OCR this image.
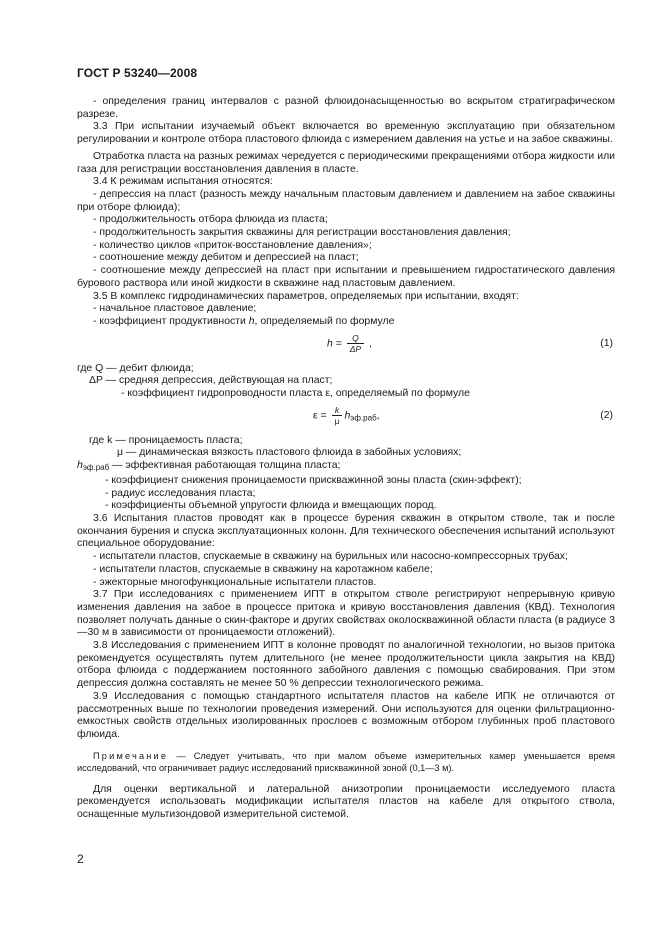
ГОСТ Р 53240—2008

- определения границ интервалов с разной флюидонасыщенностью во вскрытом стратиграфическом разрезе.

3.3 При испытании изучаемый объект включается во временную эксплуатацию при обязательном регулировании и контроле отбора пластового флюида с измерением давления на устье и на забое скважины.

Отработка пласта на разных режимах чередуется с периодическими прекращениями отбора жидкости или газа для регистрации восстановления давления в пласте.

3.4 К режимам испытания относятся:

- депрессия на пласт (разность между начальным пластовым давлением и давлением на забое скважины при отборе флюида);

- продолжительность отбора флюида из пласта;

- продолжительность закрытия скважины для регистрации восстановления давления;

- количество циклов «приток-восстановление давления»;

- соотношение между дебитом и депрессией на пласт;

- соотношение между депрессией на пласт при испытании и превышением гидростатического давления бурового раствора или иной жидкости в скважине над пластовым давлением.

3.5 В комплекс гидродинамических параметров, определяемых при испытании, входят:

- начальное пластовое давление;

- коэффициент продуктивности h, определяемый по формуле

$h = \frac{Q}{\Delta P}$ ,	(1)

где Q — дебит флюида;

ΔP — средняя депрессия, действующая на пласт;

- коэффициент гидропроводности пласта ε, определяемый по формуле

$\varepsilon = \frac{k}{\mu} h_{эф.раб}$,	(2)

где k — проницаемость пласта;

μ — динамическая вязкость пластового флюида в забойных условиях;

$h_{эф.раб}$ — эффективная работающая толщина пласта;

- коэффициент снижения проницаемости прискважинной зоны пласта (скин-эффект);

- радиус исследования пласта;

- коэффициенты объемной упругости флюида и вмещающих пород.

3.6 Испытания пластов проводят как в процессе бурения скважин в открытом стволе, так и после окончания бурения и спуска эксплуатационных колонн. Для технического обеспечения испытаний используют специальное оборудование:

- испытатели пластов, спускаемые в скважину на бурильных или насосно-компрессорных трубах;

- испытатели пластов, спускаемые в скважину на каротажном кабеле;

- эжекторные многофункциональные испытатели пластов.

3.7 При исследованиях с применением ИПТ в открытом стволе регистрируют непрерывную кривую изменения давления на забое в процессе притока и кривую восстановления давления (КВД). Технология позволяет получать данные о скин-факторе и других свойствах околоскважинной области пласта (в радиусе 3—30 м в зависимости от проницаемости отложений).

3.8 Исследования с применением ИПТ в колонне проводят по аналогичной технологии, но вызов притока рекомендуется осуществлять путем длительного (не менее продолжительности цикла закрытия на КВД) отбора флюида с поддержанием постоянного забойного давления с помощью свабирования. При этом депрессия должна составлять не менее 50 % депрессии технологического режима.

3.9 Исследования с помощью стандартного испытателя пластов на кабеле ИПК не отличаются от рассмотренных выше по технологии проведения измерений. Они используются для оценки фильтрационно-емкостных свойств отдельных изолированных прослоев с возможным отбором глубинных проб пластового флюида.

Примечание — Следует учитывать, что при малом объеме измерительных камер уменьшается время исследований, что ограничивает радиус исследований прискважинной зоной (0,1—3 м).

Для оценки вертикальной и латеральной анизотропии проницаемости исследуемого пласта рекомендуется использовать модификации испытателя пластов на кабеле для открытого ствола, оснащенные мультизондовой измерительной системой.

2
